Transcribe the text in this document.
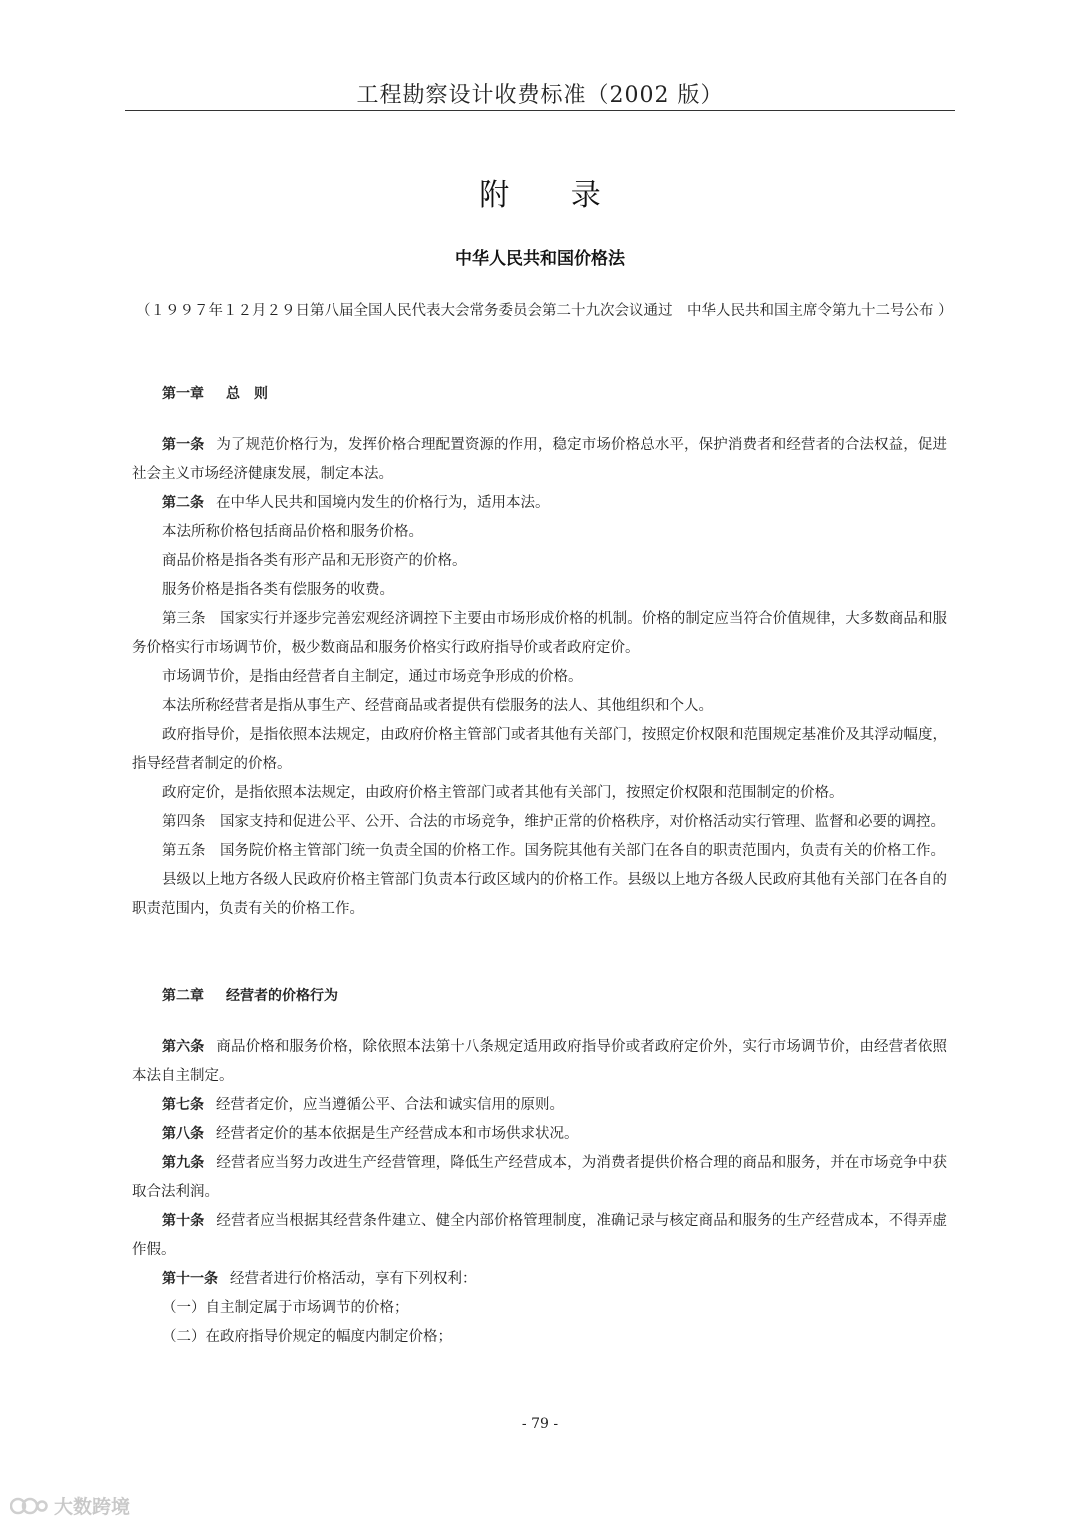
工程勘察设计收费标准（2002 版）
附 录
中华人民共和国价格法
（１９９７年１２月２９日第八届全国人民代表大会常务委员会第二十九次会议通过　中华人民共和国主席令第九十二号公布 ）

第一章 总　则

第一条 为了规范价格行为，发挥价格合理配置资源的作用，稳定市场价格总水平，保护消费者和经营者的合法权益，促进社会主义市场经济健康发展，制定本法。

第二条 在中华人民共和国境内发生的价格行为，适用本法。

本法所称价格包括商品价格和服务价格。

商品价格是指各类有形产品和无形资产的价格。

服务价格是指各类有偿服务的收费。

第三条　国家实行并逐步完善宏观经济调控下主要由市场形成价格的机制。价格的制定应当符合价值规律，大多数商品和服务价格实行市场调节价，极少数商品和服务价格实行政府指导价或者政府定价。

市场调节价，是指由经营者自主制定，通过市场竞争形成的价格。

本法所称经营者是指从事生产、经营商品或者提供有偿服务的法人、其他组织和个人。

政府指导价，是指依照本法规定，由政府价格主管部门或者其他有关部门，按照定价权限和范围规定基准价及其浮动幅度，指导经营者制定的价格。

政府定价，是指依照本法规定，由政府价格主管部门或者其他有关部门，按照定价权限和范围制定的价格。

第四条　国家支持和促进公平、公开、合法的市场竞争，维护正常的价格秩序，对价格活动实行管理、监督和必要的调控。

第五条　国务院价格主管部门统一负责全国的价格工作。国务院其他有关部门在各自的职责范围内，负责有关的价格工作。

县级以上地方各级人民政府价格主管部门负责本行政区域内的价格工作。县级以上地方各级人民政府其他有关部门在各自的职责范围内，负责有关的价格工作。

第二章 经营者的价格行为

第六条 商品价格和服务价格，除依照本法第十八条规定适用政府指导价或者政府定价外，实行市场调节价，由经营者依照本法自主制定。

第七条 经营者定价，应当遵循公平、合法和诚实信用的原则。

第八条 经营者定价的基本依据是生产经营成本和市场供求状况。

第九条 经营者应当努力改进生产经营管理，降低生产经营成本，为消费者提供价格合理的商品和服务，并在市场竞争中获取合法利润。

第十条 经营者应当根据其经营条件建立、健全内部价格管理制度，准确记录与核定商品和服务的生产经营成本，不得弄虚作假。

第十一条 经营者进行价格活动，享有下列权利：

（一）自主制定属于市场调节的价格；

（二）在政府指导价规定的幅度内制定价格；

- 79 -
大数跨境
